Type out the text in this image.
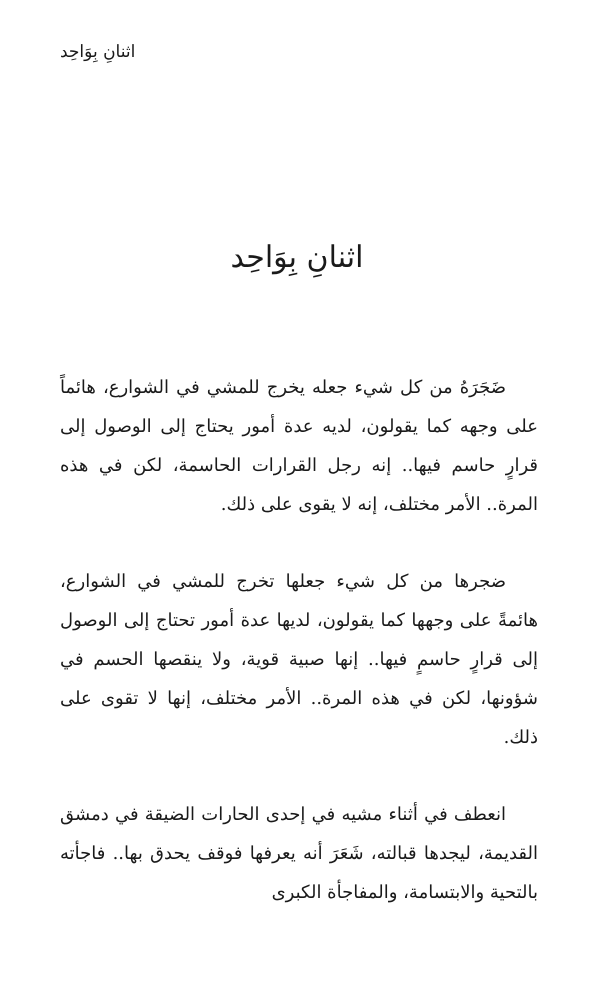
اثنانِ بِوَاحِد
اثنانِ بِوَاحِد

ضَجَرَهُ من كل شيء جعله يخرج للمشي في الشوارع، هائماً على وجهه كما يقولون، لديه عدة أمور يحتاج إلى الوصول إلى قرارٍ حاسم فيها.. إنه رجل القرارات الحاسمة، لكن في هذه المرة.. الأمر مختلف، إنه لا يقوى على ذلك.

ضجرها من كل شيء جعلها تخرج للمشي في الشوارع، هائمةً على وجهها كما يقولون، لديها عدة أمور تحتاج إلى الوصول إلى قرارٍ حاسمٍ فيها.. إنها صبية قوية، ولا ينقصها الحسم في شؤونها، لكن في هذه المرة.. الأمر مختلف، إنها لا تقوى على ذلك.

انعطف في أثناء مشيه في إحدى الحارات الضيقة في دمشق القديمة، ليجدها قبالته، شَعَرَ أنه يعرفها فوقف يحدق بها.. فاجأته بالتحية والابتسامة، والمفاجأة الكبرى
